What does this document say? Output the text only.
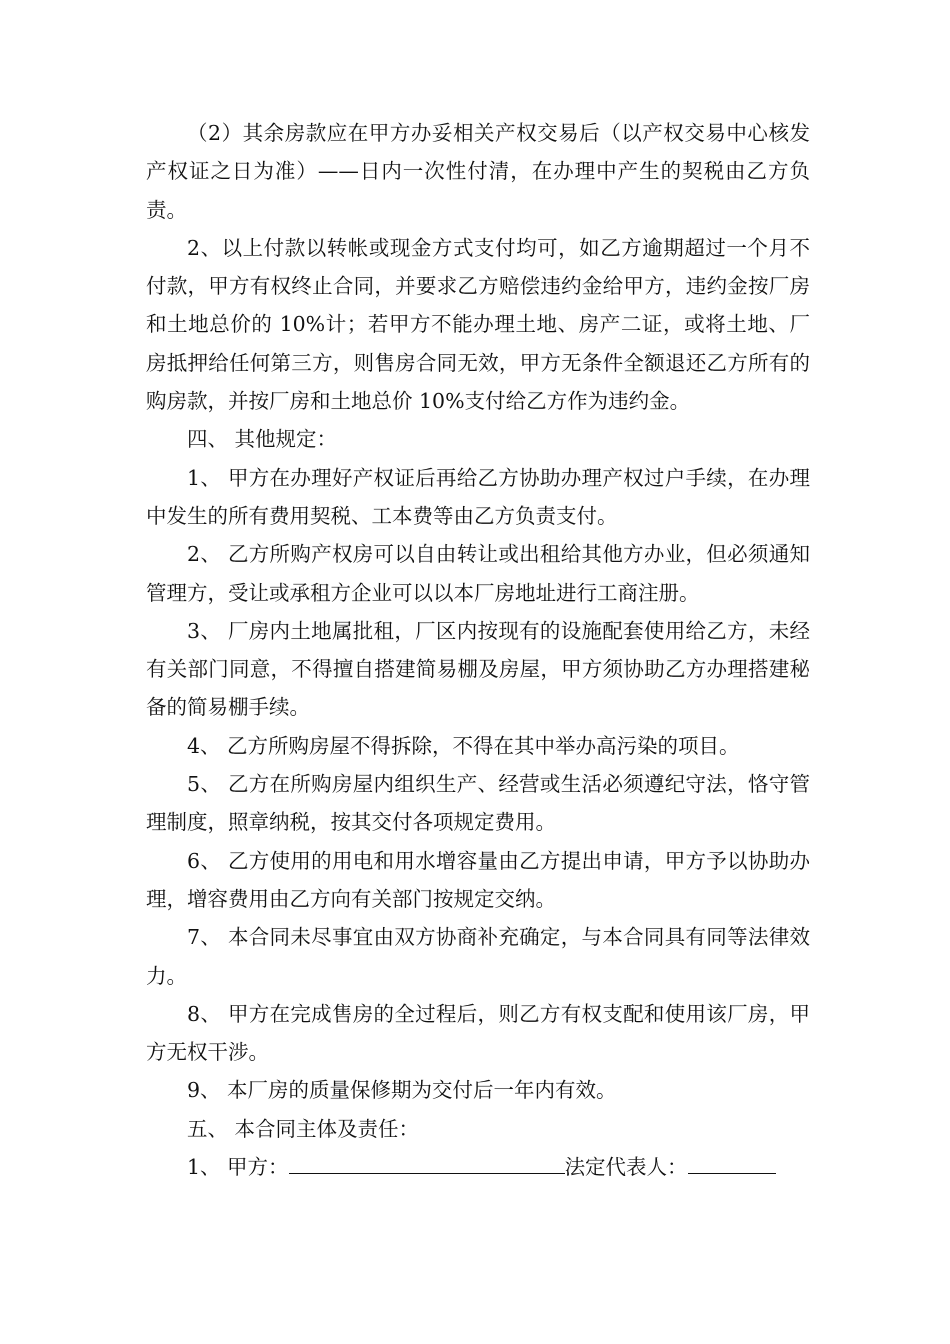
（2）其余房款应在甲方办妥相关产权交易后（以产权交易中心核发产权证之日为准）——日内一次性付清，在办理中产生的契税由乙方负责。

2、以上付款以转帐或现金方式支付均可，如乙方逾期超过一个月不付款，甲方有权终止合同，并要求乙方赔偿违约金给甲方，违约金按厂房和土地总价的 10%计；若甲方不能办理土地、房产二证，或将土地、厂房抵押给任何第三方，则售房合同无效，甲方无条件全额退还乙方所有的购房款，并按厂房和土地总价 10%支付给乙方作为违约金。

四、 其他规定：

1、 甲方在办理好产权证后再给乙方协助办理产权过户手续，在办理中发生的所有费用契税、工本费等由乙方负责支付。

2、 乙方所购产权房可以自由转让或出租给其他方办业，但必须通知管理方，受让或承租方企业可以以本厂房地址进行工商注册。

3、 厂房内土地属批租，厂区内按现有的设施配套使用给乙方，未经有关部门同意，不得擅自搭建简易棚及房屋，甲方须协助乙方办理搭建秘备的简易棚手续。

4、 乙方所购房屋不得拆除，不得在其中举办高污染的项目。

5、 乙方在所购房屋内组织生产、经营或生活必须遵纪守法，恪守管理制度，照章纳税，按其交付各项规定费用。

6、 乙方使用的用电和用水增容量由乙方提出申请，甲方予以协助办理，增容费用由乙方向有关部门按规定交纳。

7、 本合同未尽事宜由双方协商补充确定，与本合同具有同等法律效力。

8、 甲方在完成售房的全过程后，则乙方有权支配和使用该厂房，甲方无权干涉。

9、 本厂房的质量保修期为交付后一年内有效。

五、 本合同主体及责任：

1、 甲方：	法定代表人：
